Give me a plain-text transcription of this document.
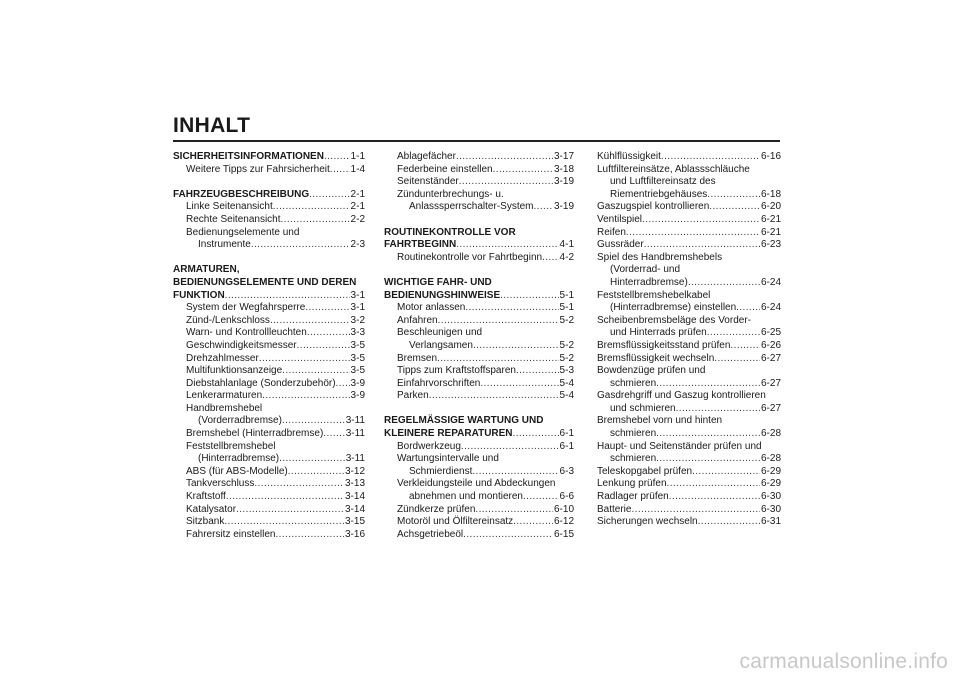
INHALT
SICHERHEITSINFORMATIONEN .....	1-1
Weitere Tipps zur Fahrsicherheit ..... 1-4
FAHRZEUGBESCHREIBUNG .....	2-1
Linke Seitenansicht .....	2-1
Rechte Seitenansicht .....	2-2
Bedienungselemente und
Instrumente .....	2-3
ARMATUREN,
BEDIENUNGSELEMENTE UND DEREN
FUNKTION .....	3-1
System der Wegfahrsperre .....	3-1
Zünd-/Lenkschloss .....	3-2
Warn- und Kontrollleuchten .....	3-3
Geschwindigkeitsmesser .....	3-5
Drehzahlmesser .....	3-5
Multifunktionsanzeige .....	3-5
Diebstahlanlage (Sonderzubehör) ..... 3-9
Lenkerarmaturen .....	3-9
Handbremshebel
(Vorderradbremse) .....	3-11
Bremshebel (Hinterradbremse) ..... 3-11
Feststellbremshebel
(Hinterradbremse) .....	3-11
ABS (für ABS-Modelle) .....	3-12
Tankverschluss .....	3-13
Kraftstoff .....	3-14
Katalysator .....	3-14
Sitzbank .....	3-15
Fahrersitz einstellen .....	3-16
Ablagefächer .....	3-17
Federbeine einstellen .....	3-18
Seitenständer .....	3-19
Zündunterbrechungs- u.
Anlasssperrschalter-System ..... 3-19
ROUTINEKONTROLLE VOR
FAHRTBEGINN .....	4-1
Routinekontrolle vor Fahrtbeginn ..... 4-2
WICHTIGE FAHR- UND
BEDIENUNGSHINWEISE .....	5-1
Motor anlassen .....	5-1
Anfahren .....	5-2
Beschleunigen und
Verlangsamen .....	5-2
Bremsen .....	5-2
Tipps zum Kraftstoffsparen .....	5-3
Einfahrvorschriften .....	5-4
Parken .....	5-4
REGELMÄSSIGE WARTUNG UND
KLEINERE REPARATUREN .....	6-1
Bordwerkzeug .....	6-1
Wartungsintervalle und
Schmierdienst .....	6-3
Verkleidungsteile und Abdeckungen
abnehmen und montieren .....	6-6
Zündkerze prüfen .....	6-10
Motoröl und Ölfiltereinsatz .....	6-12
Achsgetriebeöl .....	6-15
Kühlflüssigkeit .....	6-16
Luftfiltereinsätze, Ablassschläuche
und Luftfiltereinsatz des
Riementriebgehäuses .....	6-18
Gaszugspiel kontrollieren .....	6-20
Ventilspiel .....	6-21
Reifen .....	6-21
Gussräder .....	6-23
Spiel des Handbremshebels
(Vorderrad- und
Hinterradbremse) .....	6-24
Feststellbremshebelkabel
(Hinterradbremse) einstellen ..... 6-24
Scheibenbremsbeläge des Vorder-
und Hinterrads prüfen .....	6-25
Bremsflüssigkeitsstand prüfen .....	6-26
Bremsflüssigkeit wechseln .....	6-27
Bowdenzüge prüfen und
schmieren .....	6-27
Gasdrehgriff und Gaszug kontrollieren
und schmieren .....	6-27
Bremshebel vorn und hinten
schmieren .....	6-28
Haupt- und Seitenständer prüfen und
schmieren .....	6-28
Teleskopgabel prüfen .....	6-29
Lenkung prüfen .....	6-29
Radlager prüfen .....	6-30
Batterie .....	6-30
Sicherungen wechseln .....	6-31
carmanualsonline.info
